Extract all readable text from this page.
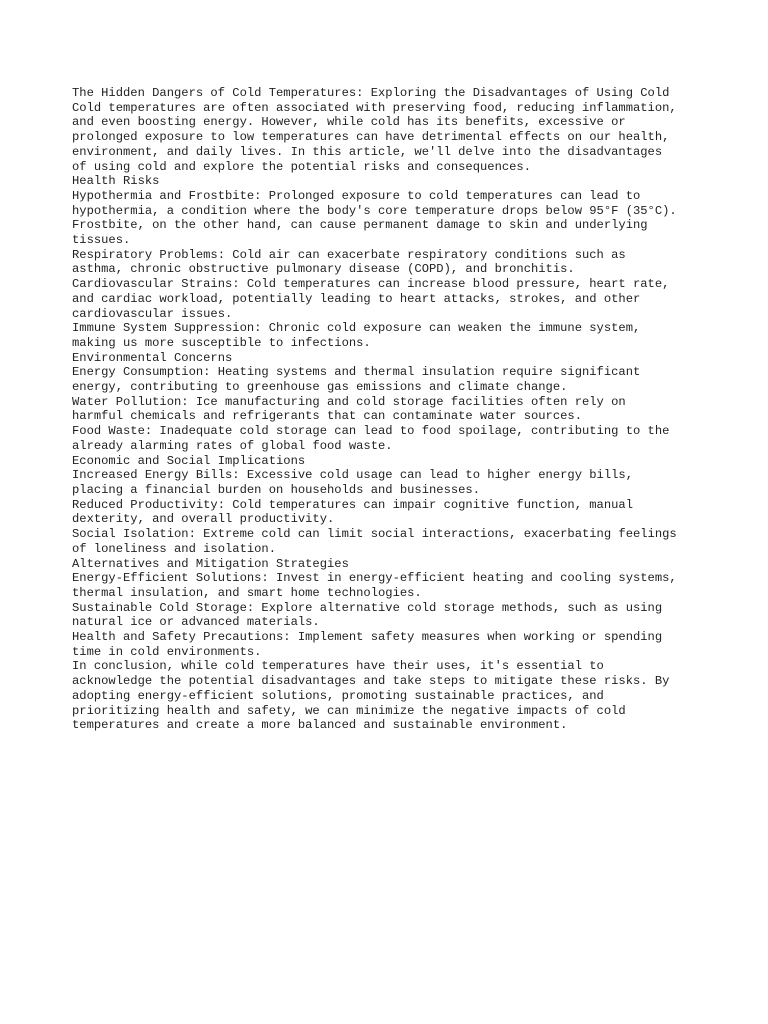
The Hidden Dangers of Cold Temperatures: Exploring the Disadvantages of Using Cold
Cold temperatures are often associated with preserving food, reducing inflammation,
and even boosting energy. However, while cold has its benefits, excessive or
prolonged exposure to low temperatures can have detrimental effects on our health,
environment, and daily lives. In this article, we'll delve into the disadvantages
of using cold and explore the potential risks and consequences.
Health Risks
Hypothermia and Frostbite: Prolonged exposure to cold temperatures can lead to
hypothermia, a condition where the body's core temperature drops below 95°F (35°C).
Frostbite, on the other hand, can cause permanent damage to skin and underlying
tissues.
Respiratory Problems: Cold air can exacerbate respiratory conditions such as
asthma, chronic obstructive pulmonary disease (COPD), and bronchitis.
Cardiovascular Strains: Cold temperatures can increase blood pressure, heart rate,
and cardiac workload, potentially leading to heart attacks, strokes, and other
cardiovascular issues.
Immune System Suppression: Chronic cold exposure can weaken the immune system,
making us more susceptible to infections.
Environmental Concerns
Energy Consumption: Heating systems and thermal insulation require significant
energy, contributing to greenhouse gas emissions and climate change.
Water Pollution: Ice manufacturing and cold storage facilities often rely on
harmful chemicals and refrigerants that can contaminate water sources.
Food Waste: Inadequate cold storage can lead to food spoilage, contributing to the
already alarming rates of global food waste.
Economic and Social Implications
Increased Energy Bills: Excessive cold usage can lead to higher energy bills,
placing a financial burden on households and businesses.
Reduced Productivity: Cold temperatures can impair cognitive function, manual
dexterity, and overall productivity.
Social Isolation: Extreme cold can limit social interactions, exacerbating feelings
of loneliness and isolation.
Alternatives and Mitigation Strategies
Energy-Efficient Solutions: Invest in energy-efficient heating and cooling systems,
thermal insulation, and smart home technologies.
Sustainable Cold Storage: Explore alternative cold storage methods, such as using
natural ice or advanced materials.
Health and Safety Precautions: Implement safety measures when working or spending
time in cold environments.
In conclusion, while cold temperatures have their uses, it's essential to
acknowledge the potential disadvantages and take steps to mitigate these risks. By
adopting energy-efficient solutions, promoting sustainable practices, and
prioritizing health and safety, we can minimize the negative impacts of cold
temperatures and create a more balanced and sustainable environment.
